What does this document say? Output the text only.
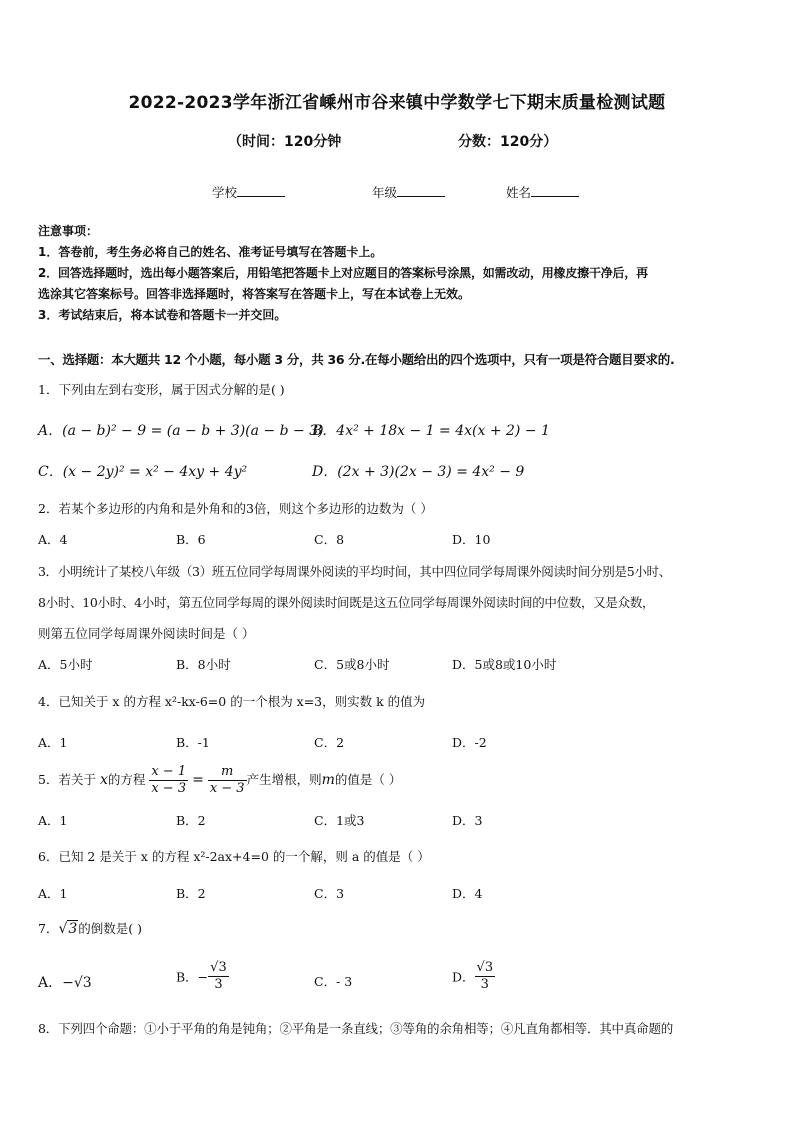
2022-2023学年浙江省嵊州市谷来镇中学数学七下期末质量检测试题
（时间：120分钟	分数：120分）
学校	年级	姓名
注意事项：
1．答卷前，考生务必将自己的姓名、准考证号填写在答题卡上。
2．回答选择题时，选出每小题答案后，用铅笔把答题卡上对应题目的答案标号涂黑，如需改动，用橡皮擦干净后，再
选涂其它答案标号。回答非选择题时，将答案写在答题卡上，写在本试卷上无效。
3．考试结束后，将本试卷和答题卡一并交回。
一、选择题：本大题共 12 个小题，每小题 3 分，共 36 分.在每小题给出的四个选项中，只有一项是符合题目要求的.
1．下列由左到右变形，属于因式分解的是( )
A．(a − b)² − 9 = (a − b + 3)(a − b − 3)
B．4x² + 18x − 1 = 4x(x + 2) − 1
C．(x − 2y)² = x² − 4xy + 4y²	D．(2x + 3)(2x − 3) = 4x² − 9
2．若某个多边形的内角和是外角和的3倍，则这个多边形的边数为（ ）
A．4	B．6	C．8	D．10
3．小明统计了某校八年级（3）班五位同学每周课外阅读的平均时间，其中四位同学每周课外阅读时间分别是5小时、
8小时、10小时、4小时，第五位同学每周的课外阅读时间既是这五位同学每周课外阅读时间的中位数，又是众数，
则第五位同学每周课外阅读时间是（ ）
A．5小时	B．8小时	C．5或8小时	D．5或8或10小时
4．已知关于 x 的方程 x²-kx-6=0 的一个根为 x=3，则实数 k 的值为
A．1	B．-1	C．2	D．-2
5．若关于 x的方程 $\frac{x - 1}{x - 3} = \frac{m}{x - 3}$ 产生增根，则m的值是（ ）
A．1	B．2	C．1或3	D．3
6．已知 2 是关于 x 的方程 x²-2ax+4=0 的一个解，则 a 的值是（ ）
A．1	B．2	C．3	D．4
7．√3的倒数是( )
A．−√3	B．− $\frac{√3}{3}$	C．- 3	D． $\frac{√3}{3}$
8．下列四个命题：①小于平角的角是钝角；②平角是一条直线；③等角的余角相等；④凡直角都相等．其中真命题的
